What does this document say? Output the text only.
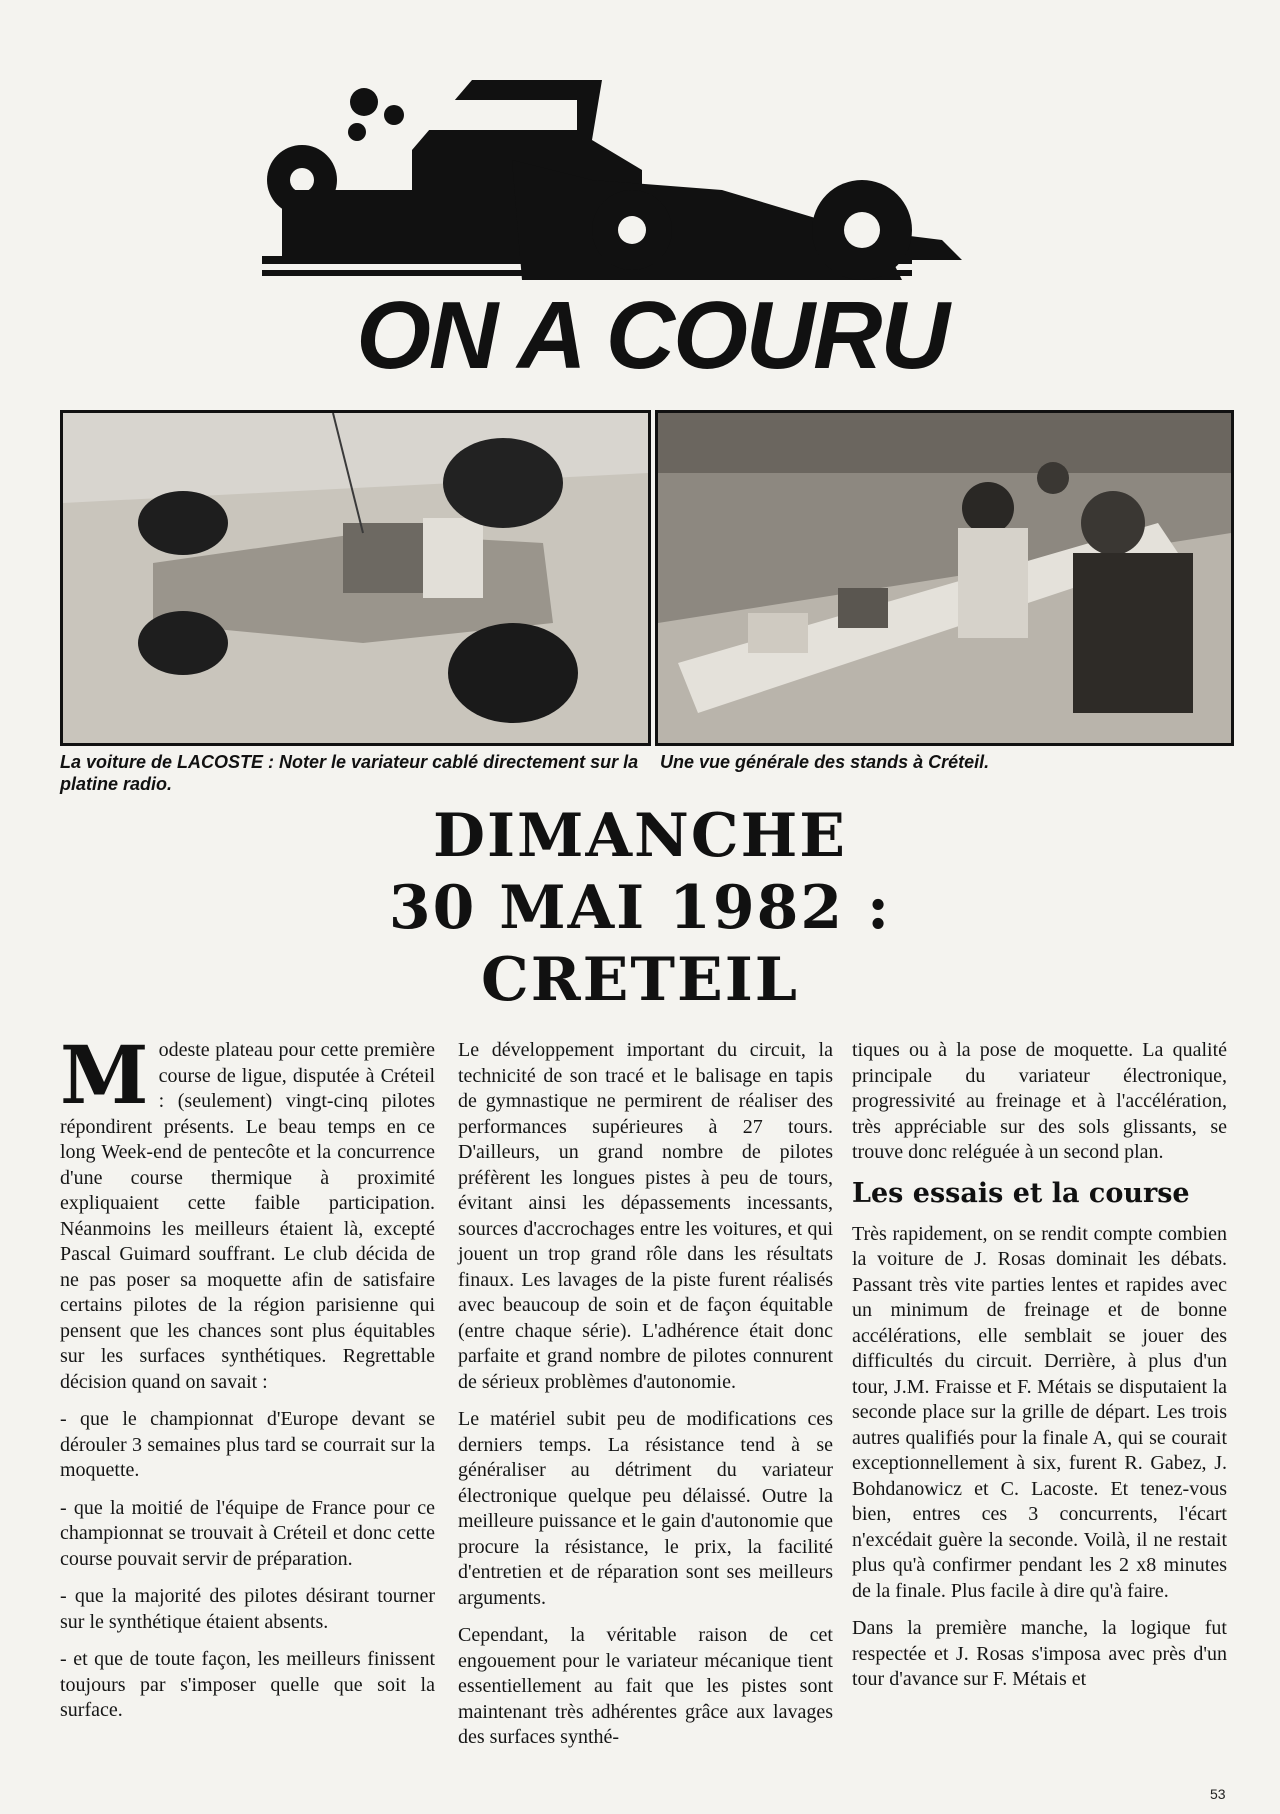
ON A COURU
La voiture de LACOSTE : Noter le variateur cablé directement sur la platine radio.
Une vue générale des stands à Créteil.
DIMANCHE
30 MAI 1982 :
CRETEIL

Modeste plateau pour cette première course de ligue, disputée à Créteil : (seulement) vingt-cinq pilotes répondirent présents. Le beau temps en ce long Week-end de pentecôte et la concurrence d'une course thermique à proximité expliquaient cette faible participation. Néanmoins les meilleurs étaient là, excepté Pascal Guimard souffrant. Le club décida de ne pas poser sa moquette afin de satisfaire certains pilotes de la région parisienne qui pensent que les chances sont plus équitables sur les surfaces synthétiques. Regrettable décision quand on savait :

- que le championnat d'Europe devant se dérouler 3 semaines plus tard se courrait sur la moquette.

- que la moitié de l'équipe de France pour ce championnat se trouvait à Créteil et donc cette course pouvait servir de préparation.

- que la majorité des pilotes désirant tourner sur le synthétique étaient absents.

- et que de toute façon, les meilleurs finissent toujours par s'imposer quelle que soit la surface.

Le développement important du circuit, la technicité de son tracé et le balisage en tapis de gymnastique ne permirent de réaliser des performances supérieures à 27 tours. D'ailleurs, un grand nombre de pilotes préfèrent les longues pistes à peu de tours, évitant ainsi les dépassements incessants, sources d'accrochages entre les voitures, et qui jouent un trop grand rôle dans les résultats finaux. Les lavages de la piste furent réalisés avec beaucoup de soin et de façon équitable (entre chaque série). L'adhérence était donc parfaite et grand nombre de pilotes connurent de sérieux problèmes d'autonomie.

Le matériel subit peu de modifications ces derniers temps. La résistance tend à se généraliser au détriment du variateur électronique quelque peu délaissé. Outre la meilleure puissance et le gain d'autonomie que procure la résistance, le prix, la facilité d'entretien et de réparation sont ses meilleurs arguments.

Cependant, la véritable raison de cet engouement pour le variateur mécanique tient essentiellement au fait que les pistes sont maintenant très adhérentes grâce aux lavages des surfaces synthé-

tiques ou à la pose de moquette. La qualité principale du variateur électronique, progressivité au freinage et à l'accélération, très appréciable sur des sols glissants, se trouve donc reléguée à un second plan.

Les essais et la course

Très rapidement, on se rendit compte combien la voiture de J. Rosas dominait les débats. Passant très vite parties lentes et rapides avec un minimum de freinage et de bonne accélérations, elle semblait se jouer des difficultés du circuit. Derrière, à plus d'un tour, J.M. Fraisse et F. Métais se disputaient la seconde place sur la grille de départ. Les trois autres qualifiés pour la finale A, qui se courait exceptionnellement à six, furent R. Gabez, J. Bohdanowicz et C. Lacoste. Et tenez-vous bien, entres ces 3 concurrents, l'écart n'excédait guère la seconde. Voilà, il ne restait plus qu'à confirmer pendant les 2 x8 minutes de la finale. Plus facile à dire qu'à faire.

Dans la première manche, la logique fut respectée et J. Rosas s'imposa avec près d'un tour d'avance sur F. Métais et

53
